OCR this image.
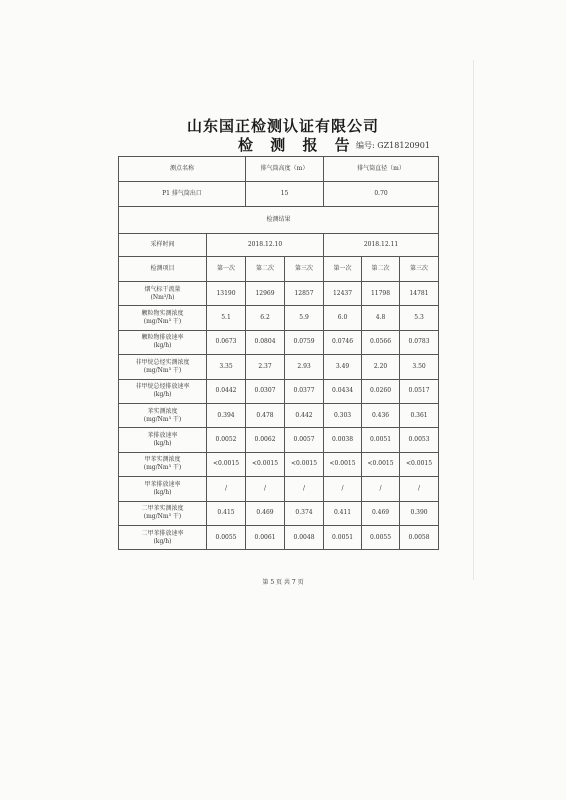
山东国正检测认证有限公司
检 测 报 告 编号: GZ18120901
测点名称		排气筒高度（m）		排气筒直径（m）		
P1 排气筒出口		15		0.70		
检测结果						
采样时间	2018.12.10			2018.12.11		
检测项目	第一次	第二次	第三次	第一次	第二次	第三次

烟气标干流量
(Nm³/h)	13190	12969	12857	12437	11798	14781

颗粒物实测浓度
(mg/Nm³ 干)	5.1	6.2	5.9	6.0	4.8	5.3

颗粒物排放速率
(kg/h)	0.0673	0.0804	0.0759	0.0746	0.0566	0.0783

非甲烷总烃实测浓度
(mg/Nm³ 干)	3.35	2.37	2.93	3.49	2.20	3.50

非甲烷总烃排放速率
(kg/h)	0.0442	0.0307	0.0377	0.0434	0.0260	0.0517

苯实测浓度
(mg/Nm³ 干)	0.394	0.478	0.442	0.303	0.436	0.361

苯排放速率
(kg/h)	0.0052	0.0062	0.0057	0.0038	0.0051	0.0053

甲苯实测浓度
(mg/Nm³ 干)	<0.0015	<0.0015	<0.0015	<0.0015	<0.0015	<0.0015

甲苯排放速率
(kg/h)	/	/	/	/	/	/

二甲苯实测浓度
(mg/Nm³ 干)	0.415	0.469	0.374	0.411	0.469	0.390

二甲苯排放速率
(kg/h)	0.0055	0.0061	0.0048	0.0051	0.0055	0.0058
第 5 页 共 7 页
